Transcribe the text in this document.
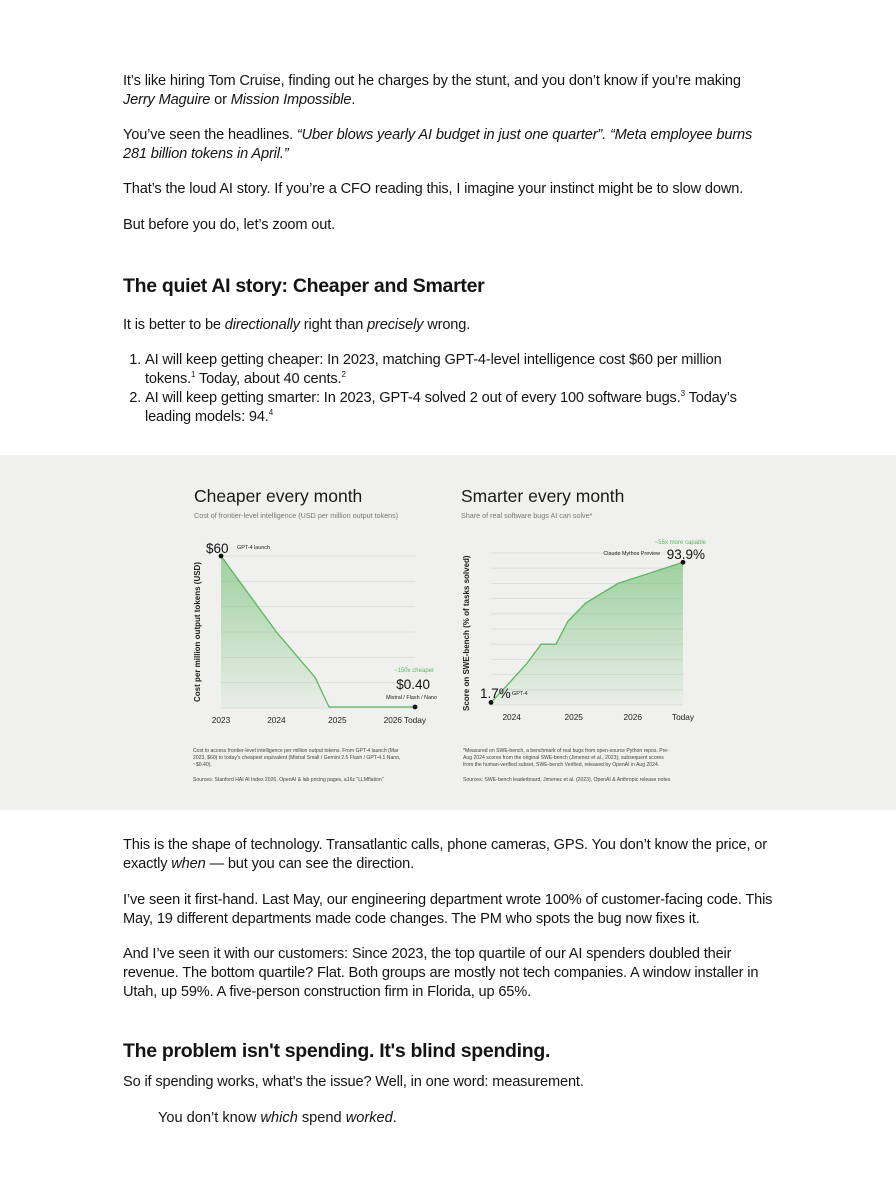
It’s like hiring Tom Cruise, finding out he charges by the stunt, and you don’t know if you’re making Jerry Maguire or Mission Impossible.

You’ve seen the headlines. “Uber blows yearly AI budget in just one quarter”. “Meta employee burns 281 billion tokens in April.”

That’s the loud AI story. If you’re a CFO reading this, I imagine your instinct might be to slow down.

But before you do, let’s zoom out.

The quiet AI story: Cheaper and Smarter

It is better to be directionally right than precisely wrong.

1. AI will keep getting cheaper: In 2023, matching GPT-4-level intelligence cost $60 per million tokens.$^1$ Today, about 40 cents.$^2$
2. AI will keep getting smarter: In 2023, GPT-4 solved 2 out of every 100 software bugs.$^3$ Today’s leading models: 94.$^4$
Cheaper every month
Cost of frontier-level intelligence (USD per million output tokens)
Cost per million output tokens (USD)
$60 GPT-4 launch
~150x cheaper
$0.40
Mistral / Flash / Nano
2023	2024	2025	2026 Today
Cost to access frontier-level intelligence per million output tokens. From GPT-4 launch (Mar
2023, $60) to today's cheapest equivalent (Mistral Small / Gemini 2.5 Flash / GPT-4.1 Nano,
~$0.40).
Sources: Stanford HAI AI Index 2026, OpenAI & lab pricing pages, a16z "LLMflation"
Smarter every month
Share of real software bugs AI can solve*
Score on SWE-bench (% of tasks solved)
~55x more capable
Claude Mythos Preview 93.9%
1.7% GPT-4
2024	2025	2026	Today
*Measured on SWE-bench, a benchmark of real bugs from open-source Python repos. Pre-
Aug 2024 scores from the original SWE-bench (Jimenez et al., 2023); subsequent scores
from the human-verified subset, SWE-bench Verified, released by OpenAI in Aug 2024.
Sources: SWE-bench leaderboard, Jimenez et al. (2023), OpenAI & Anthropic release notes

This is the shape of technology. Transatlantic calls, phone cameras, GPS. You don’t know the price, or exactly when — but you can see the direction.

I’ve seen it first-hand. Last May, our engineering department wrote 100% of customer-facing code. This May, 19 different departments made code changes. The PM who spots the bug now fixes it.

And I’ve seen it with our customers: Since 2023, the top quartile of our AI spenders doubled their revenue. The bottom quartile? Flat. Both groups are mostly not tech companies. A window installer in Utah, up 59%. A five-person construction firm in Florida, up 65%.

The problem isn't spending. It's blind spending.

So if spending works, what's the issue? Well, in one word: measurement.

You don’t know which spend worked.
